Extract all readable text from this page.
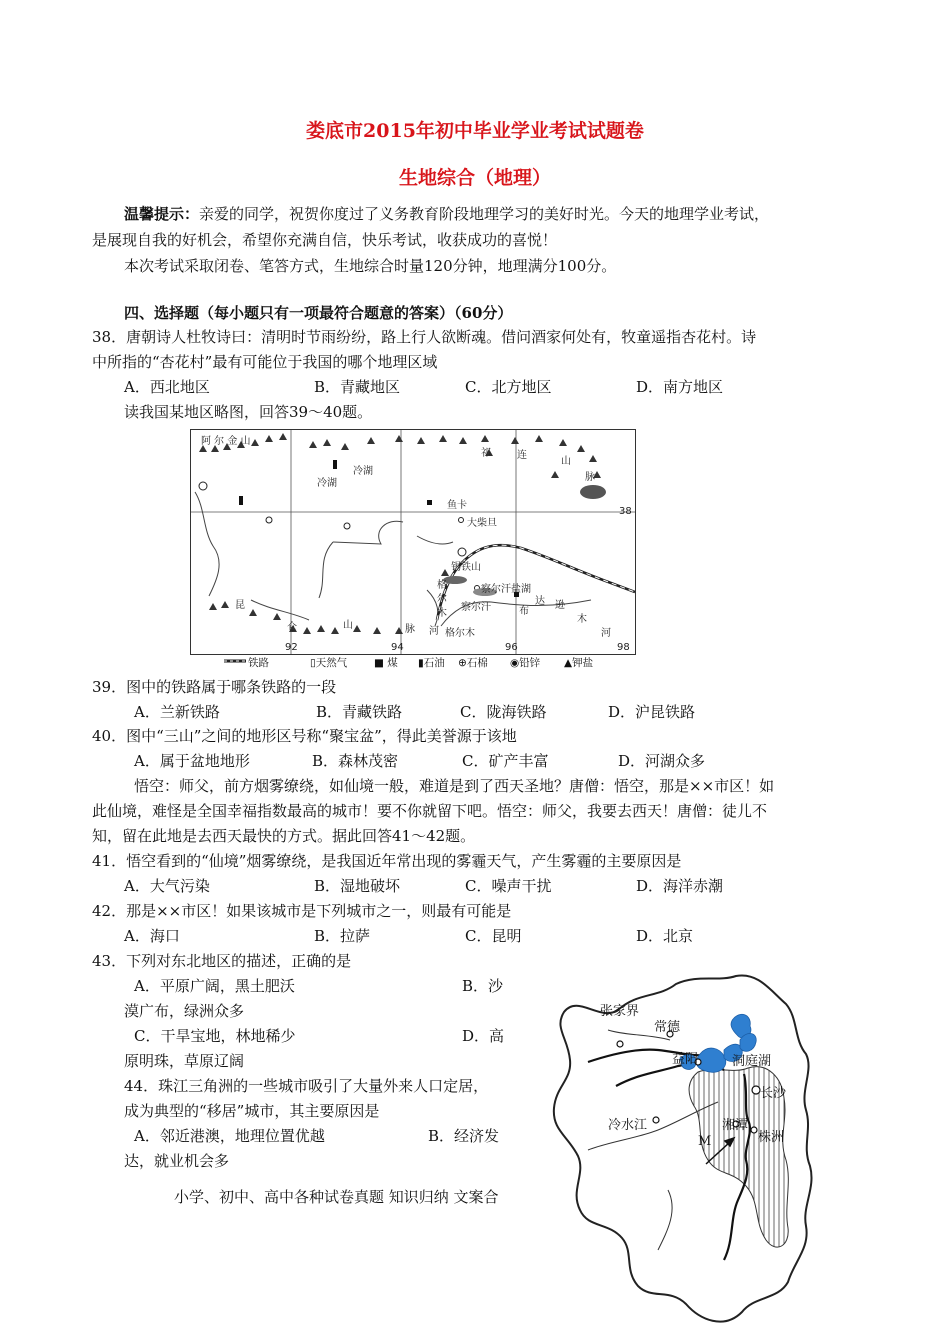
娄底市2015年初中毕业学业考试试题卷
生地综合（地理）
温馨提示：亲爱的同学，祝贺你度过了义务教育阶段地理学习的美好时光。今天的地理学业考试，
是展现自我的好机会，希望你充满自信，快乐考试，收获成功的喜悦！
本次考试采取闭卷、笔答方式，生地综合时量120分钟，地理满分100分。
四、选择题（每小题只有一项最符合题意的答案）（60分）
38．唐朝诗人杜牧诗曰：清明时节雨纷纷，路上行人欲断魂。借问酒家何处有，牧童遥指杏花村。诗
中所指的“杏花村”最有可能位于我国的哪个地理区域
A．西北地区	B．青藏地区	C．北方地区	D．南方地区
读我国某地区略图，回答39～40题。
阿 尔 金 山
祁	连
山
脉
冷湖
冷湖
鱼卡
大柴旦
锡铁山
察尔汗盐湖
察尔汗
格尔木
格
尔
木
河
昆
仑	山	脉
38
92	94	96	98
达
布
逊
木
河
铁路	▯天然气	■ 煤 ▮石油 ⊕石棉 ◉铅锌 ▲钾盐
39．图中的铁路属于哪条铁路的一段
A．兰新铁路	B．青藏铁路	C．陇海铁路	D．沪昆铁路
40．图中“三山”之间的地形区号称“聚宝盆”，得此美誉源于该地
A．属于盆地地形	B．森林茂密	C．矿产丰富	D．河湖众多
悟空：师父，前方烟雾缭绕，如仙境一般，难道是到了西天圣地？唐僧：悟空，那是××市区！如
此仙境，难怪是全国幸福指数最高的城市！要不你就留下吧。悟空：师父，我要去西天！唐僧：徒儿不
知，留在此地是去西天最快的方式。据此回答41～42题。
41．悟空看到的“仙境”烟雾缭绕，是我国近年常出现的雾霾天气，产生雾霾的主要原因是
A．大气污染	B．湿地破坏	C．噪声干扰	D．海洋赤潮
42．那是××市区！如果该城市是下列城市之一，则最有可能是
A．海口	B．拉萨	C．昆明	D．北京
43．下列对东北地区的描述，正确的是
A．平原广阔，黑土肥沃	B．沙
漠广布，绿洲众多
C．干旱宝地，林地稀少	D．高
原明珠，草原辽阔
44．珠江三角洲的一些城市吸引了大量外来人口定居，
成为典型的“移居”城市，其主要原因是
A．邻近港澳，地理位置优越	B．经济发
达，就业机会多
小学、初中、高中各种试卷真题 知识归纳 文案合
张家界
常德
益阳	洞庭湖
长沙
冷水江	湘潭
株洲
M
